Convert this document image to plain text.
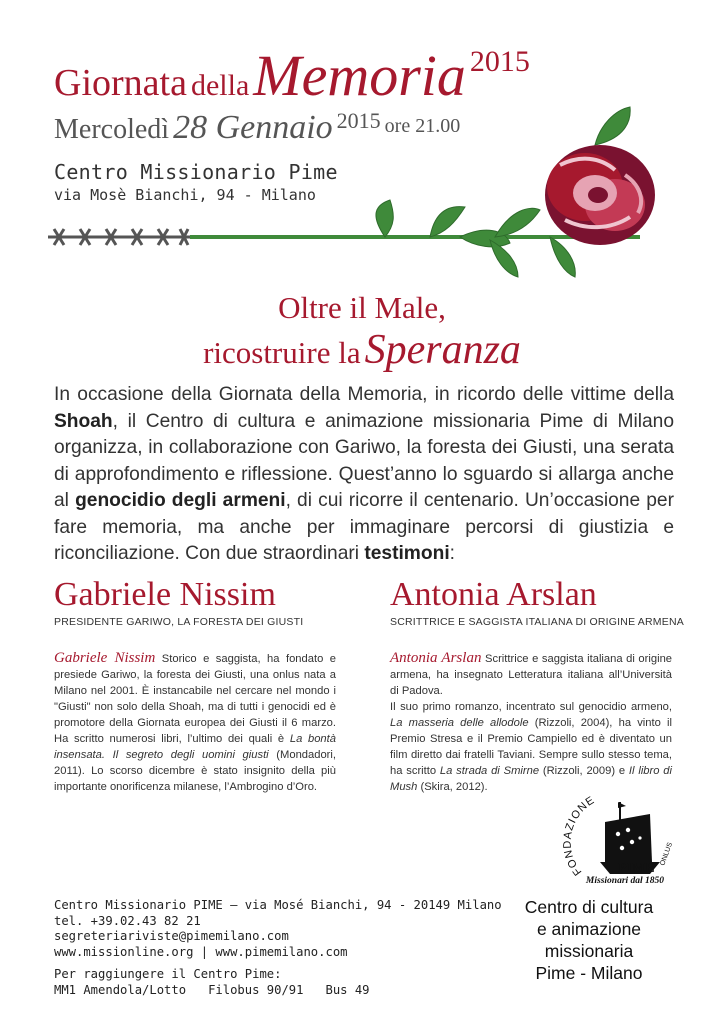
Giornata della Memoria 2015
Mercoledì 28 Gennaio 2015 ore 21.00
Centro Missionario Pime
via Mosè Bianchi, 94 - Milano
Oltre il Male,
ricostruire la Speranza
In occasione della Giornata della Memoria, in ricordo delle vittime della Shoah, il Centro di cultura e animazione missionaria Pime di Milano organizza, in collaborazione con Gariwo, la foresta dei Giusti, una serata di approfondimento e riflessione. Quest’anno lo sguardo si allarga anche al genocidio degli armeni, di cui ricorre il centenario. Un’occasione per fare memoria, ma anche per immaginare percorsi di giustizia e riconciliazione. Con due straordinari testimoni:
Gabriele Nissim
PRESIDENTE GARIWO, LA FORESTA DEI GIUSTI
Gabriele Nissim Storico e saggista, ha fondato e presiede Gariwo, la foresta dei Giusti, una onlus nata a Milano nel 2001. È instancabile nel cercare nel mondo i "Giusti" non solo della Shoah, ma di tutti i genocidi ed è promotore della Giornata europea dei Giusti il 6 marzo. Ha scritto numerosi libri, l’ultimo dei quali è La bontà insensata. Il segreto degli uomini giusti (Mondadori, 2011). Lo scorso dicembre è stato insignito della più importante onorificenza milanese, l’Ambrogino d’Oro.
Antonia Arslan
SCRITTRICE E SAGGISTA ITALIANA DI ORIGINE ARMENA
Antonia Arslan Scrittrice e saggista italiana di origine armena, ha insegnato Letteratura italiana all’Università di Padova.
Il suo primo romanzo, incentrato sul genocidio armeno, La masseria delle allodole (Rizzoli, 2004), ha vinto il Premio Stresa e il Premio Campiello ed è diventato un film diretto dai fratelli Taviani. Sempre sullo stesso tema, ha scritto La strada di Smirne (Rizzoli, 2009) e Il libro di Mush (Skira, 2012).
FONDAZIONE
PIME
ONLUS
Missionari dal 1850
Centro Missionario PIME – via Mosé Bianchi, 94 - 20149 Milano
tel. +39.02.43 82 21
segreteriariviste@pimemilano.com
www.missionline.org | www.pimemilano.com
Per raggiungere il Centro Pime:
MM1 Amendola/Lotto   Filobus 90/91   Bus 49
Centro di cultura
e animazione
missionaria
Pime - Milano
